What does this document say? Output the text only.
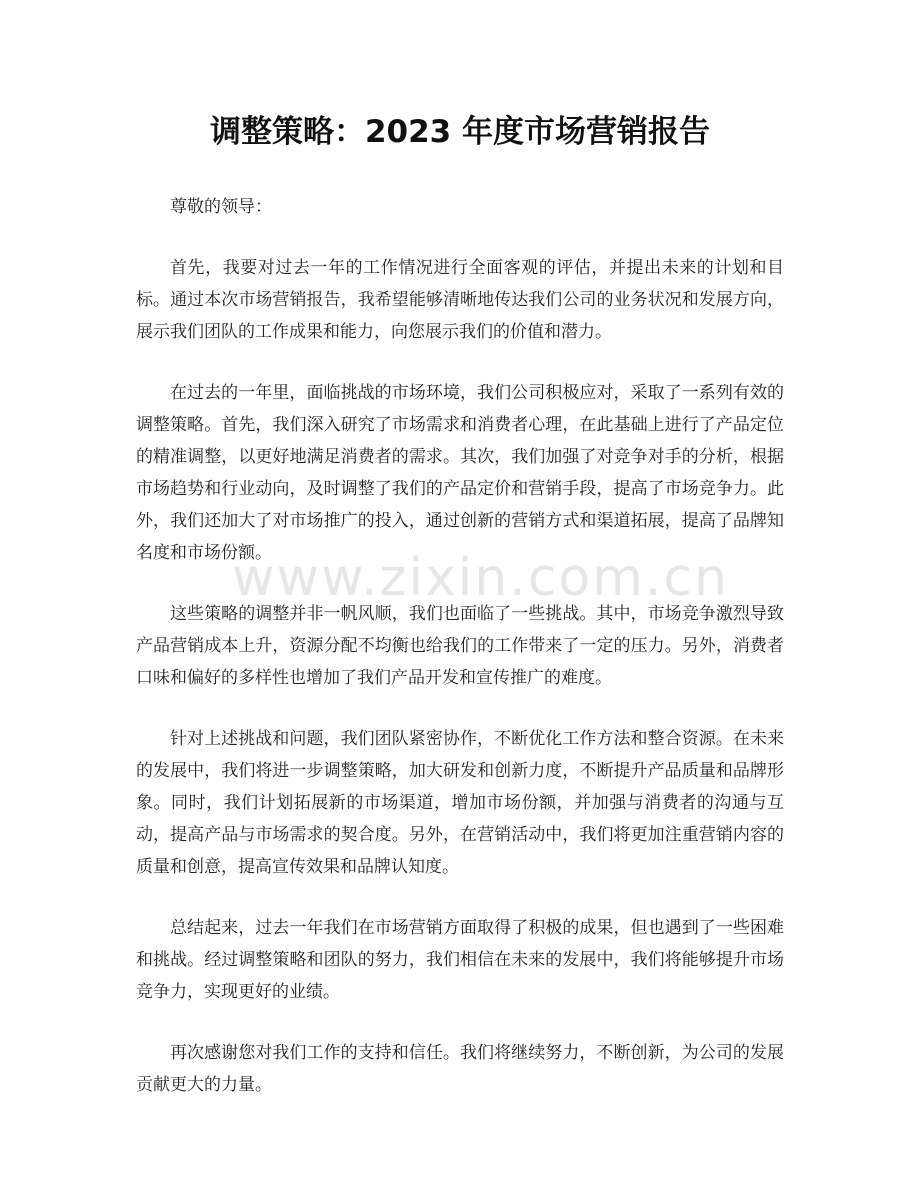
www.zixin.com.cn
调整策略：2023 年度市场营销报告

尊敬的领导：

首先，我要对过去一年的工作情况进行全面客观的评估，并提出未来的计划和目标。通过本次市场营销报告，我希望能够清晰地传达我们公司的业务状况和发展方向，展示我们团队的工作成果和能力，向您展示我们的价值和潜力。

在过去的一年里，面临挑战的市场环境，我们公司积极应对，采取了一系列有效的调整策略。首先，我们深入研究了市场需求和消费者心理，在此基础上进行了产品定位的精准调整，以更好地满足消费者的需求。其次，我们加强了对竞争对手的分析，根据市场趋势和行业动向，及时调整了我们的产品定价和营销手段，提高了市场竞争力。此外，我们还加大了对市场推广的投入，通过创新的营销方式和渠道拓展，提高了品牌知名度和市场份额。

这些策略的调整并非一帆风顺，我们也面临了一些挑战。其中，市场竞争激烈导致产品营销成本上升，资源分配不均衡也给我们的工作带来了一定的压力。另外，消费者口味和偏好的多样性也增加了我们产品开发和宣传推广的难度。

针对上述挑战和问题，我们团队紧密协作，不断优化工作方法和整合资源。在未来的发展中，我们将进一步调整策略，加大研发和创新力度，不断提升产品质量和品牌形象。同时，我们计划拓展新的市场渠道，增加市场份额，并加强与消费者的沟通与互动，提高产品与市场需求的契合度。另外，在营销活动中，我们将更加注重营销内容的质量和创意，提高宣传效果和品牌认知度。

总结起来，过去一年我们在市场营销方面取得了积极的成果，但也遇到了一些困难和挑战。经过调整策略和团队的努力，我们相信在未来的发展中，我们将能够提升市场竞争力，实现更好的业绩。

再次感谢您对我们工作的支持和信任。我们将继续努力，不断创新，为公司的发展贡献更大的力量。
